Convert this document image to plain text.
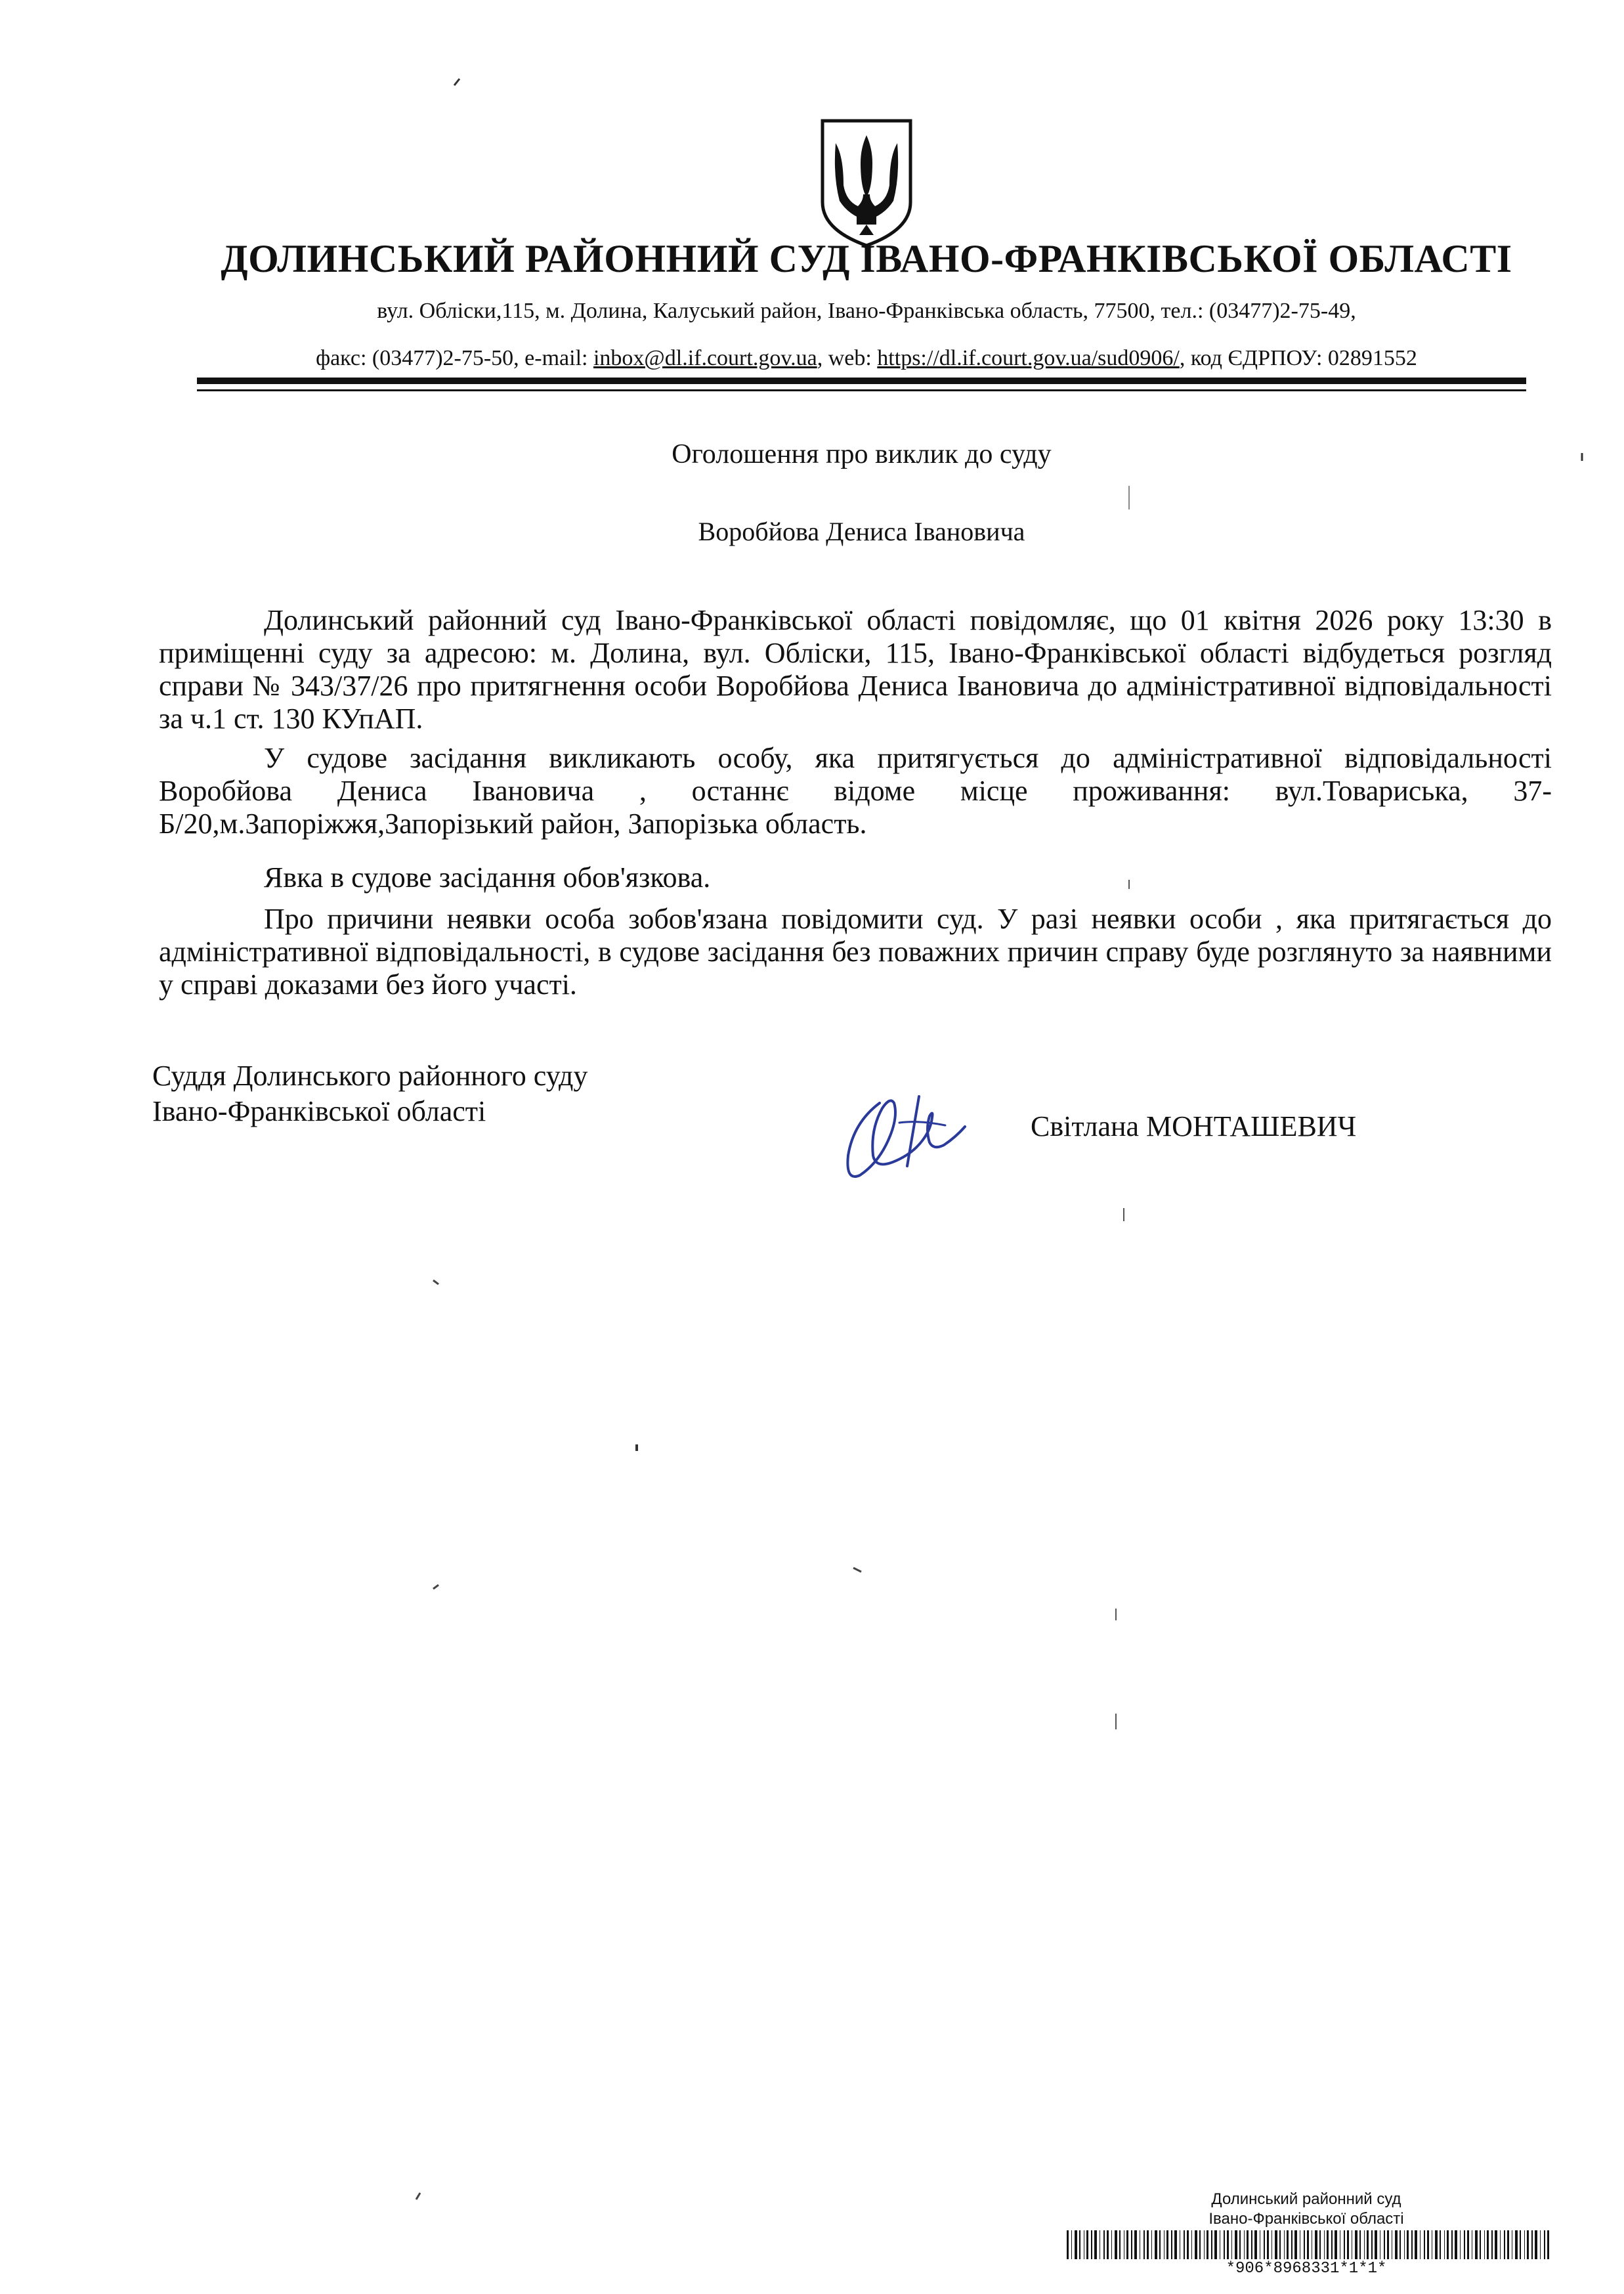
ДОЛИНСЬКИЙ РАЙОННИЙ СУД ІВАНО-ФРАНКІВСЬКОЇ ОБЛАСТІ
вул. Обліски,115, м. Долина, Калуський район, Івано-Франківська область, 77500, тел.: (03477)2-75-49,
факс: (03477)2-75-50, e-mail: inbox@dl.if.court.gov.ua, web: https://dl.if.court.gov.ua/sud0906/, код ЄДРПОУ: 02891552
Оголошення про виклик до суду
Воробйова Дениса Івановича
Долинський районний суд Івано-Франківської області повідомляє, що 01 квітня 2026 року 13:30 в приміщенні суду за адресою: м. Долина, вул. Обліски, 115, Івано-Франківської області відбудеться розгляд справи № 343/37/26 про притягнення особи Воробйова Дениса Івановича до адміністративної відповідальності за ч.1 ст. 130 КУпАП.
У судове засідання викликають особу, яка притягується до адміністративної відповідальності Воробйова Дениса Івановича , останнє відоме місце проживання: вул.Товариська, 37-Б/20,м.Запоріжжя,Запорізький район, Запорізька область.
Явка в судове засідання обов'язкова.
Про причини неявки особа зобов'язана повідомити суд. У разі неявки особи , яка притягається до адміністративної відповідальності, в судове засідання без поважних причин справу буде розглянуто за наявними у справі доказами без його участі.
Суддя Долинського районного суду
Івано-Франківської області	Світлана МОНТАШЕВИЧ
Долинський районний суд
Івано-Франківської області
*906*8968331*1*1*
